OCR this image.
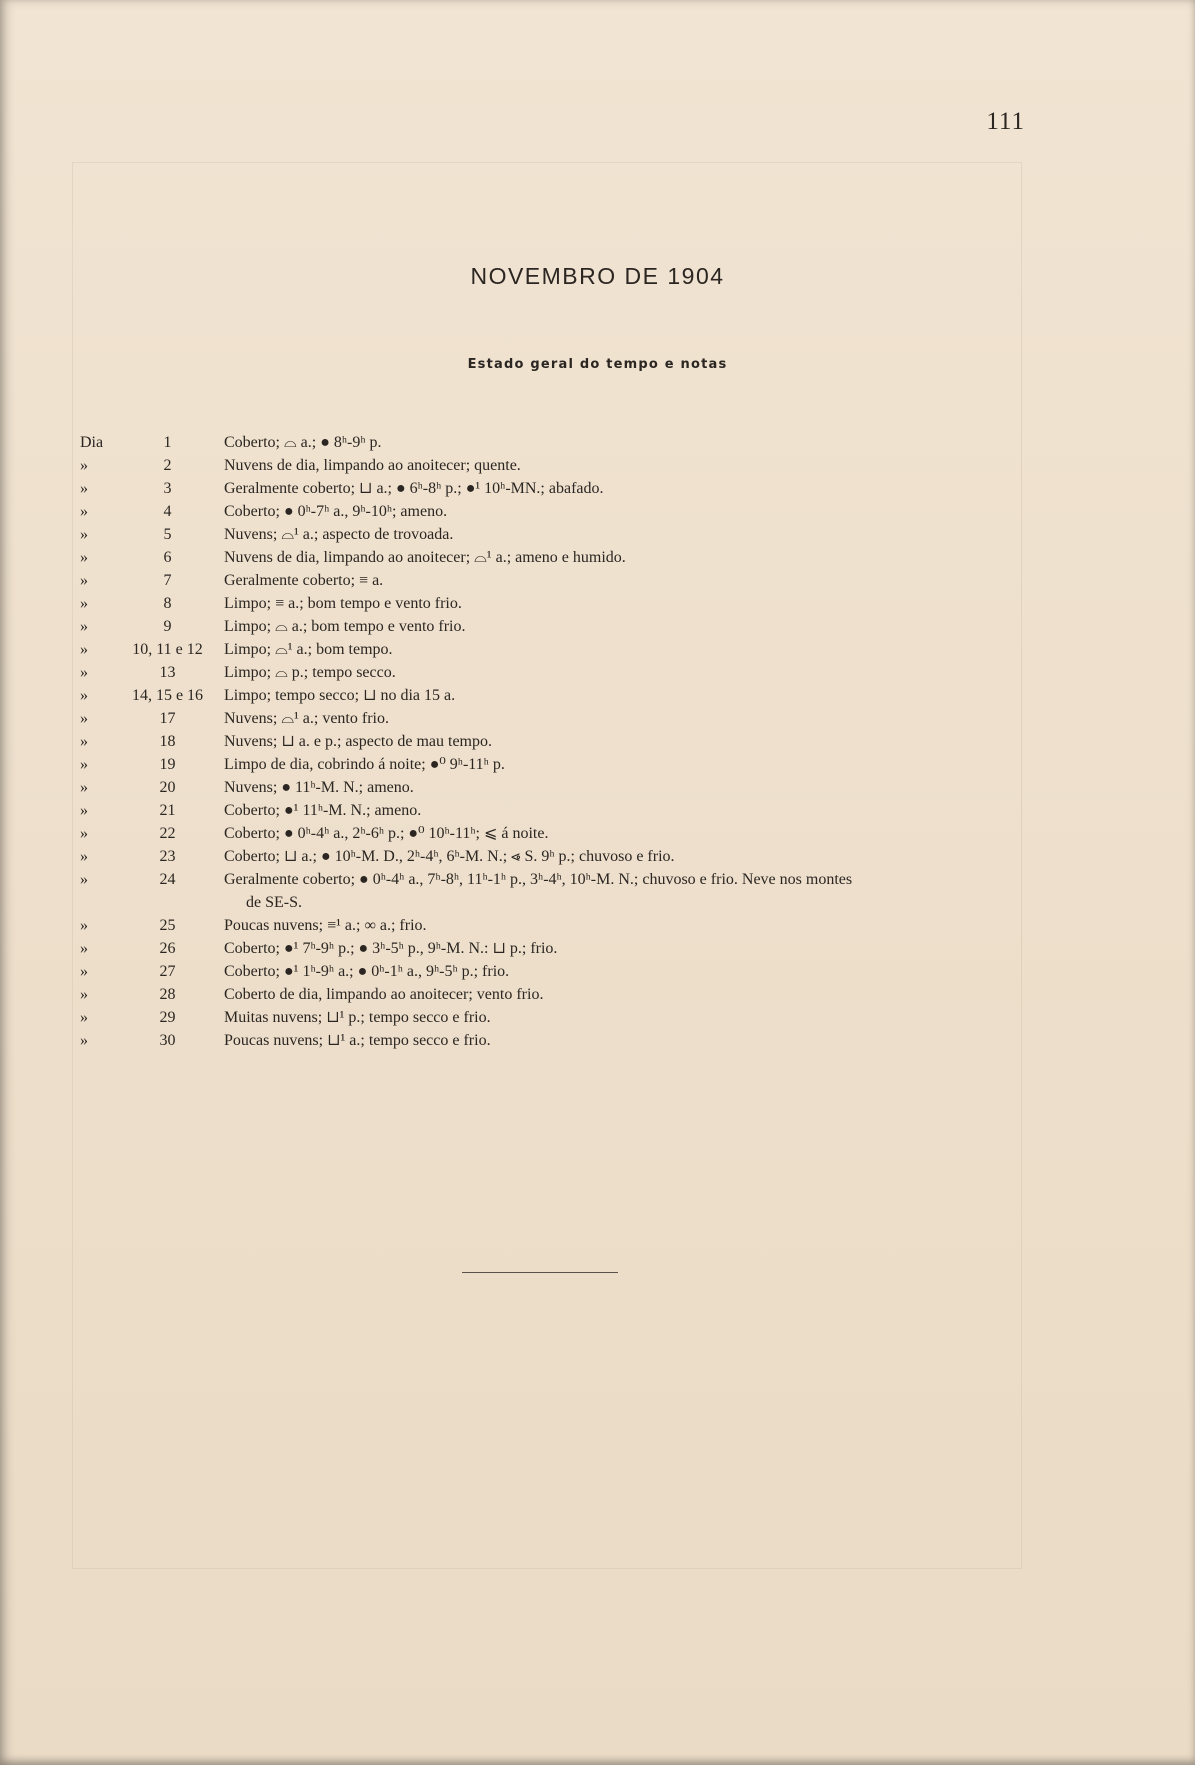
111
NOVEMBRO DE 1904
Estado geral do tempo e notas
Dia	1	Coberto; ⌓ a.; ● 8ʰ-9ʰ p.
»	2	Nuvens de dia, limpando ao anoitecer; quente.
»	3	Geralmente coberto; ⊔ a.; ● 6ʰ-8ʰ p.; ●¹ 10ʰ-MN.; abafado.
»	4	Coberto; ● 0ʰ-7ʰ a., 9ʰ-10ʰ; ameno.
»	5	Nuvens; ⌓¹ a.; aspecto de trovoada.
»	6	Nuvens de dia, limpando ao anoitecer; ⌓¹ a.; ameno e humido.
»	7	Geralmente coberto; ≡ a.
»	8	Limpo; ≡ a.; bom tempo e vento frio.
»	9	Limpo; ⌓ a.; bom tempo e vento frio.
»	10, 11 e 12	Limpo; ⌓¹ a.; bom tempo.
»	13	Limpo; ⌓ p.; tempo secco.
»	14, 15 e 16	Limpo; tempo secco; ⊔ no dia 15 a.
»	17	Nuvens; ⌓¹ a.; vento frio.
»	18	Nuvens; ⊔ a. e p.; aspecto de mau tempo.
»	19	Limpo de dia, cobrindo á noite; ●⁰ 9ʰ-11ʰ p.
»	20	Nuvens; ● 11ʰ-M. N.; ameno.
»	21	Coberto; ●¹ 11ʰ-M. N.; ameno.
»	22	Coberto; ● 0ʰ-4ʰ a., 2ʰ-6ʰ p.; ●⁰ 10ʰ-11ʰ; ⩽ á noite.
»	23	Coberto; ⊔ a.; ● 10ʰ-M. D., 2ʰ-4ʰ, 6ʰ-M. N.; ⩹ S. 9ʰ p.; chuvoso e frio.
»	24	Geralmente coberto; ● 0ʰ-4ʰ a., 7ʰ-8ʰ, 11ʰ-1ʰ p., 3ʰ-4ʰ, 10ʰ-M. N.; chuvoso e frio. Neve nos montes
de SE-S.
»	25	Poucas nuvens; ≡¹ a.; ∞ a.; frio.
»	26	Coberto; ●¹ 7ʰ-9ʰ p.; ● 3ʰ-5ʰ p., 9ʰ-M. N.: ⊔ p.; frio.
»	27	Coberto; ●¹ 1ʰ-9ʰ a.; ● 0ʰ-1ʰ a., 9ʰ-5ʰ p.; frio.
»	28	Coberto de dia, limpando ao anoitecer; vento frio.
»	29	Muitas nuvens; ⊔¹ p.; tempo secco e frio.
»	30	Poucas nuvens; ⊔¹ a.; tempo secco e frio.
